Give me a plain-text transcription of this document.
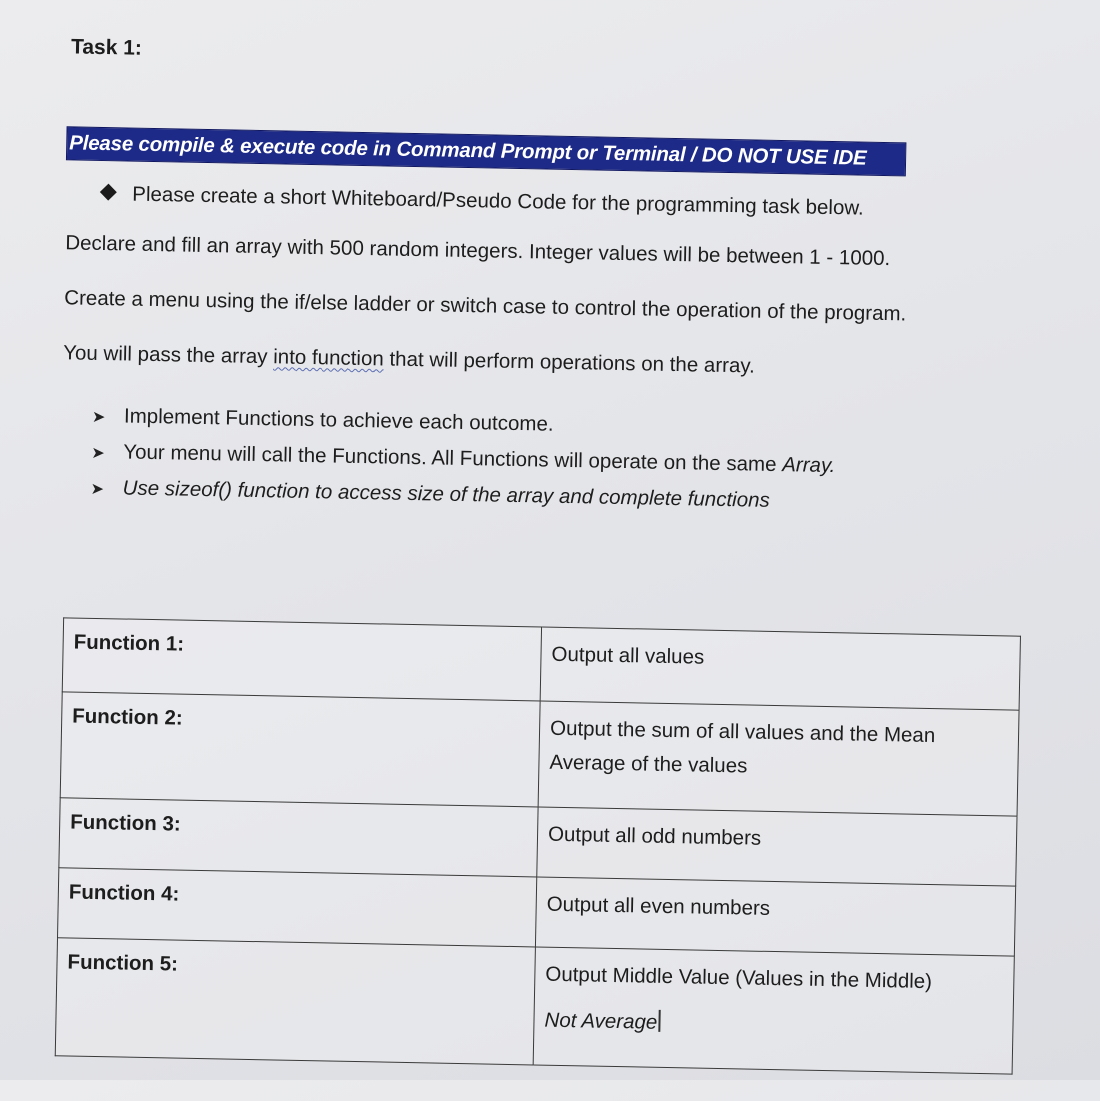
Task 1:
Please compile & execute code in Command Prompt or Terminal / DO NOT USE IDE
Please create a short Whiteboard/Pseudo Code for the programming task below.
Declare and fill an array with 500 random integers. Integer values will be between 1 - 1000.
Create a menu using the if/else ladder or switch case to control the operation of the program.
You will pass the array into function that will perform operations on the array.
➤ Implement Functions to achieve each outcome.
➤ Your menu will call the Functions. All Functions will operate on the same Array.
➤ Use sizeof() function to access size of the array and complete functions
Function 1:	Output all values
Function 2:	Output the sum of all values and the Mean Average of the values
Function 3:	Output all odd numbers
Function 4:	Output all even numbers
Function 5:	Output Middle Value (Values in the Middle)
Not Average
